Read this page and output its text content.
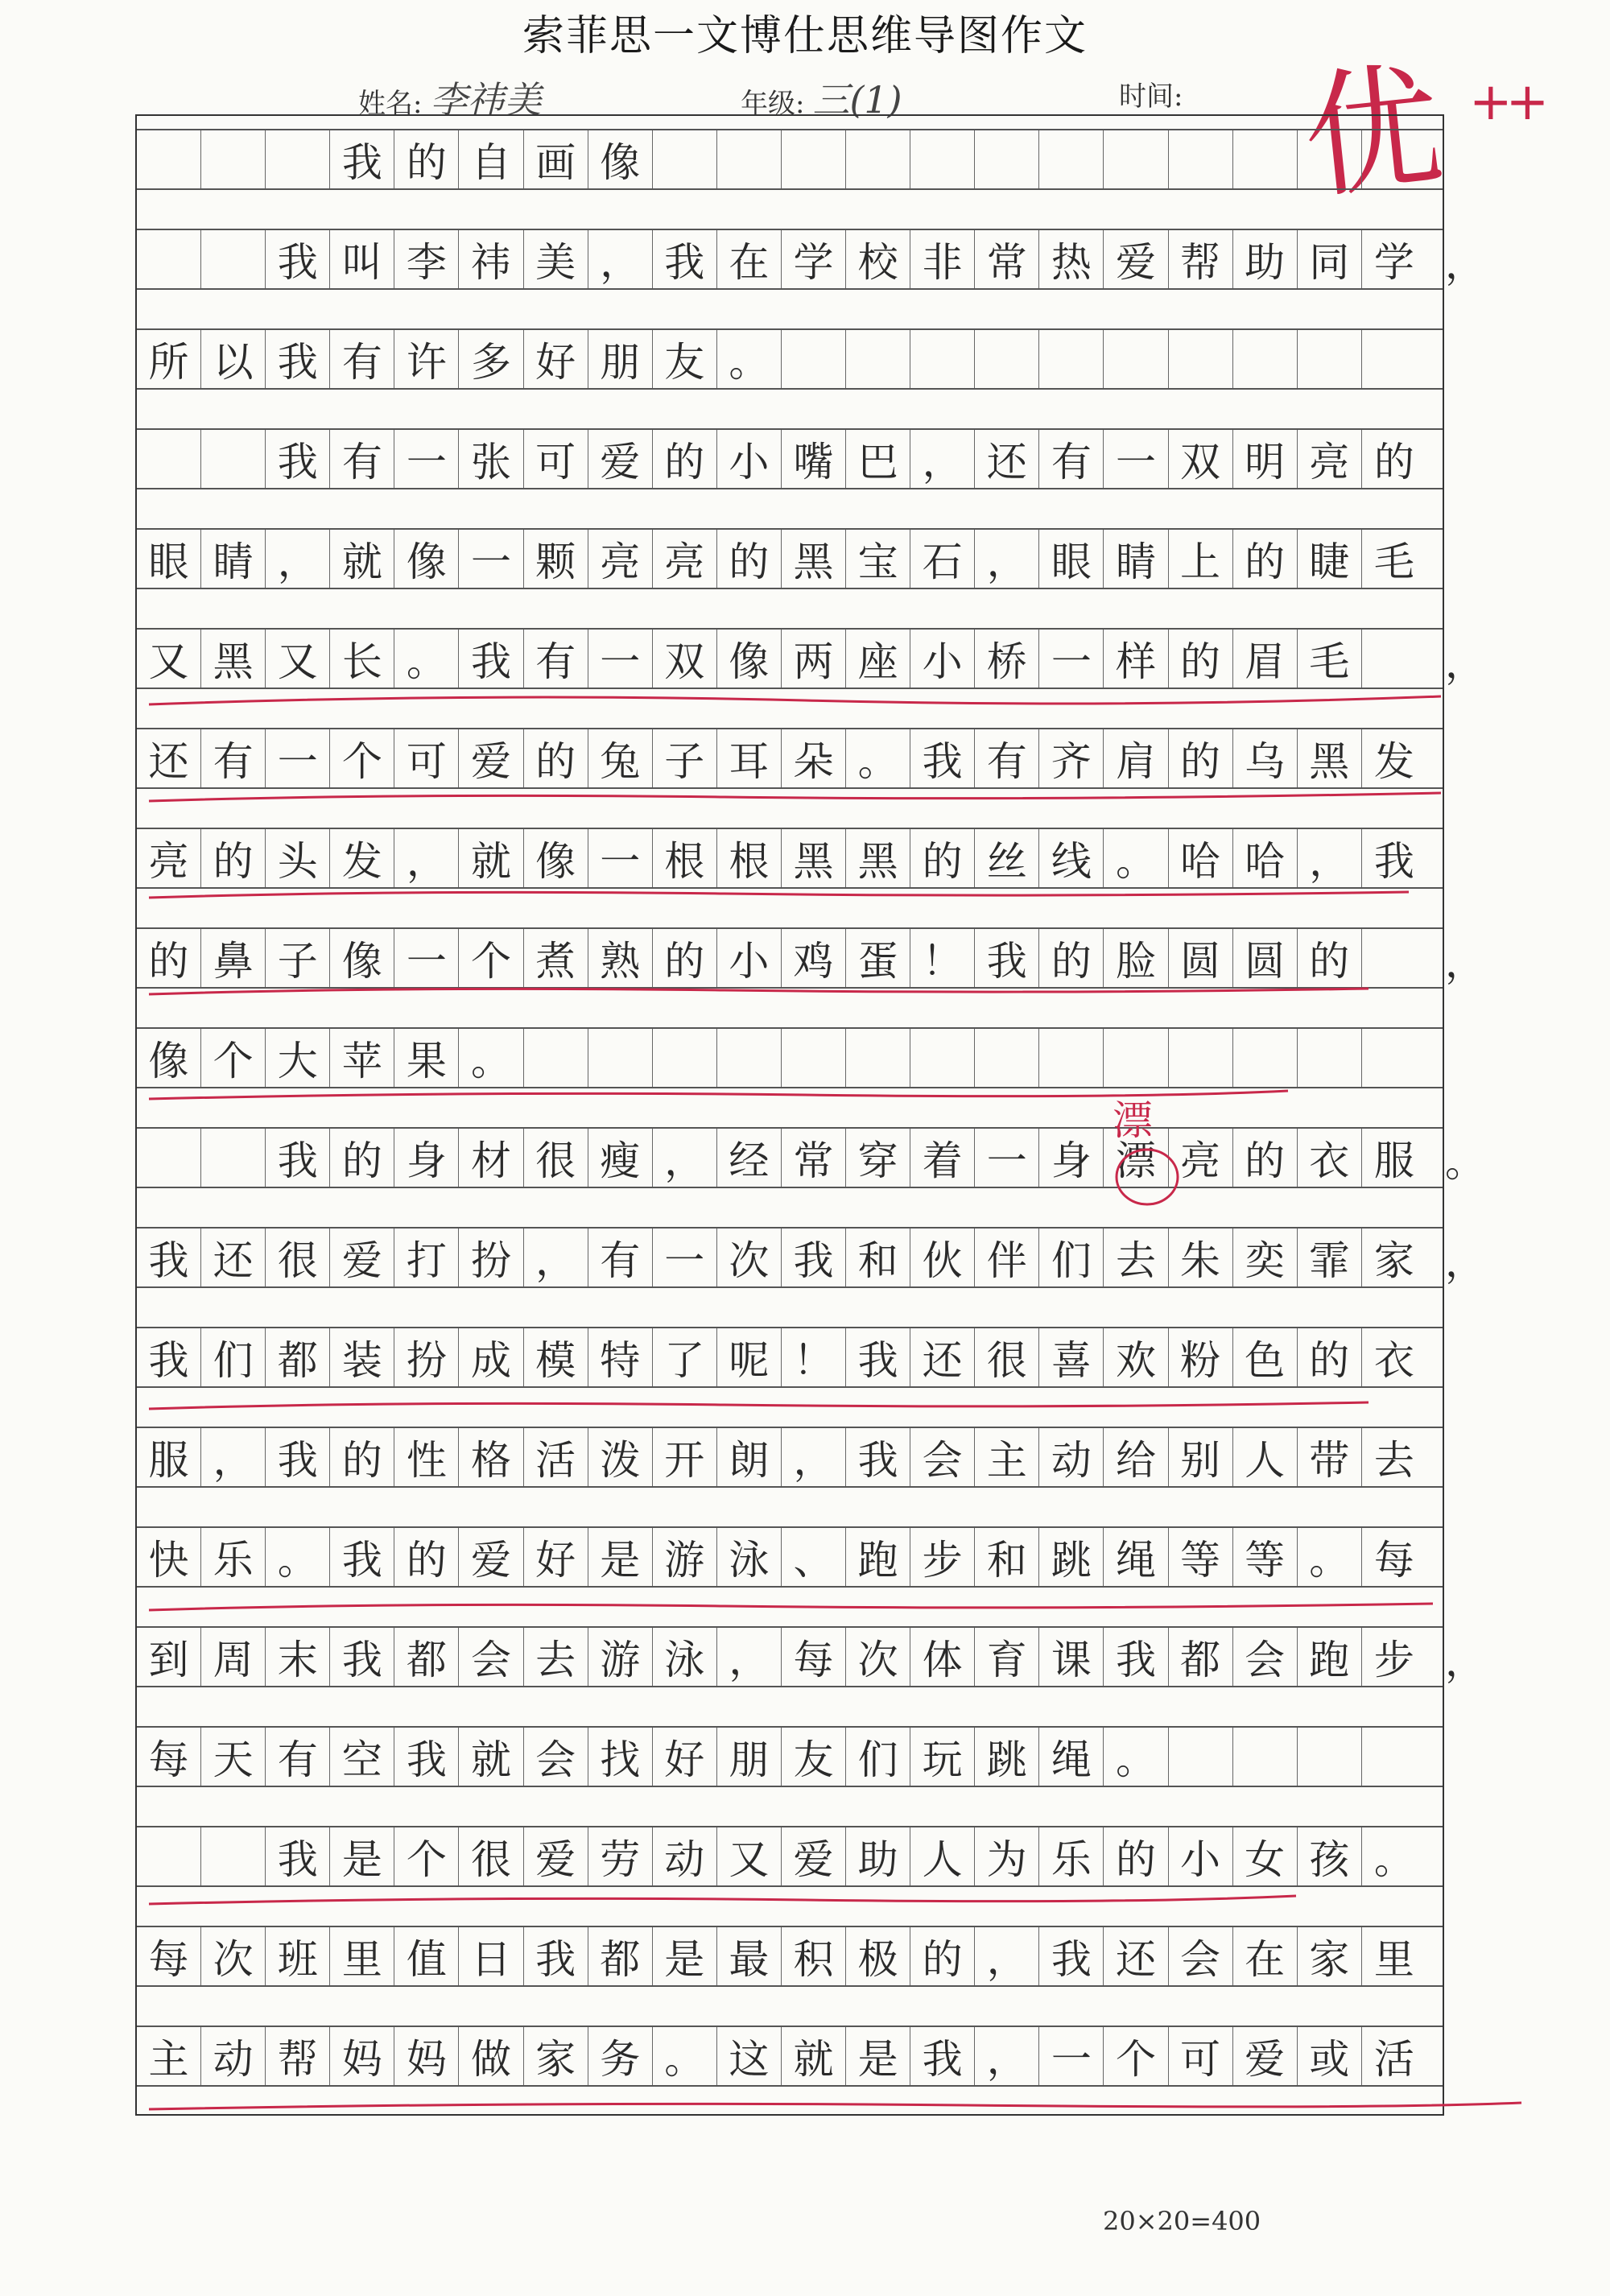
索菲思一文博仕思维导图作文
姓名: 李祎美	年级: 三(1)	时间: 优 ++
我 的 自 画 像
我 叫 李 祎 美 ， 我 在 学 校 非 常 热 爱 帮 助 同 学
所 以 我 有 许 多 好 朋 友 。
我 有 一 张 可 爱 的 小 嘴 巴 ， 还 有 一 双 明 亮 的
眼 睛 ， 就 像 一 颗 亮 亮 的 黑 宝 石 ， 眼 睛 上 的 睫 毛
又 黑 又 长 。 我 有 一 双 像 两 座 小 桥 一 样 的 眉 毛
还 有 一 个 可 爱 的 兔 子 耳 朵 。 我 有 齐 肩 的 乌 黑 发
亮 的 头 发 ， 就 像 一 根 根 黑 黑 的 丝 线 。 哈 哈 ， 我
的 鼻 子 像 一 个 煮 熟 的 小 鸡 蛋 ！ 我 的 脸 圆 圆 的
像 个 大 苹 果 。
我 的 身 材 很 瘦 ， 经 常 穿 着 一 身 漂 亮 的 衣 服
我 还 很 爱 打 扮 ， 有 一 次 我 和 伙 伴 们 去 朱 奕 霏 家
我 们 都 装 扮 成 模 特 了 呢 ！ 我 还 很 喜 欢 粉 色 的 衣
服 ， 我 的 性 格 活 泼 开 朗 ， 我 会 主 动 给 别 人 带 去
快 乐 。 我 的 爱 好 是 游 泳 、 跑 步 和 跳 绳 等 等 。 每
到 周 末 我 都 会 去 游 泳 ， 每 次 体 育 课 我 都 会 跑 步
每 天 有 空 我 就 会 找 好 朋 友 们 玩 跳 绳 。
我 是 个 很 爱 劳 动 又 爱 助 人 为 乐 的 小 女 孩 。
每 次 班 里 值 日 我 都 是 最 积 极 的 ， 我 还 会 在 家 里
主 动 帮 妈 妈 做 家 务 。 这 就 是 我 ， 一 个 可 爱 或 活
，
，
，
。
，
，
漂
20×20=400
